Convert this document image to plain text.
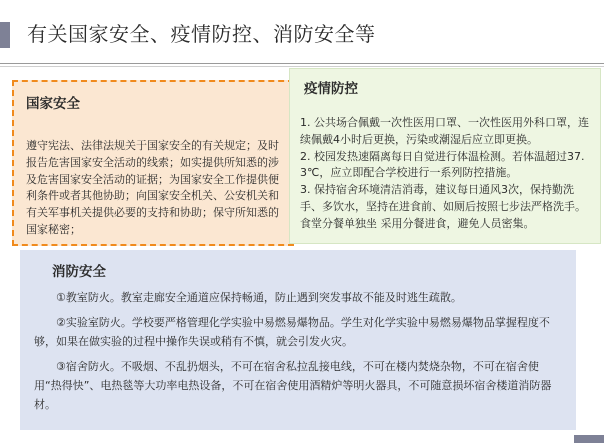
有关国家安全、疫情防控、消防安全等
国家安全

遵守宪法、法律法规关于国家安全的有关规定；及时报告危害国家安全活动的线索；如实提供所知悉的涉及危害国家安全活动的证据；为国家安全工作提供便利条件或者其他协助；向国家安全机关、公安机关和有关军事机关提供必要的支持和协助；保守所知悉的国家秘密；

疫情防控

1. 公共场合佩戴一次性医用口罩、一次性医用外科口罩，连续佩戴4小时后更换，污染或潮湿后应立即更换。

2. 校园发热速隔离每日自觉进行体温检测。若体温超过37. 3℃，应立即配合学校进行一系列防控措施。

3. 保持宿舍环境清洁消毒，建议每日通风3次，保持勤洗手、多饮水，坚持在进食前、如厕后按照七步法严格洗手。 食堂分餐单独坐 采用分餐进食，避免人员密集。

消防安全

①教室防火。教室走廊安全通道应保持畅通，防止遇到突发事故不能及时逃生疏散。

②实验室防火。学校要严格管理化学实验中易燃易爆物品。学生对化学实验中易燃易爆物品掌握程度不够，如果在做实验的过程中操作失误或稍有不慎，就会引发火灾。

③宿舍防火。不吸烟、不乱扔烟头，不可在宿舍私拉乱接电线，不可在楼内焚烧杂物，不可在宿舍使用“热得快”、电热毯等大功率电热设备，不可在宿舍使用酒精炉等明火器具，不可随意损坏宿舍楼道消防器材。
